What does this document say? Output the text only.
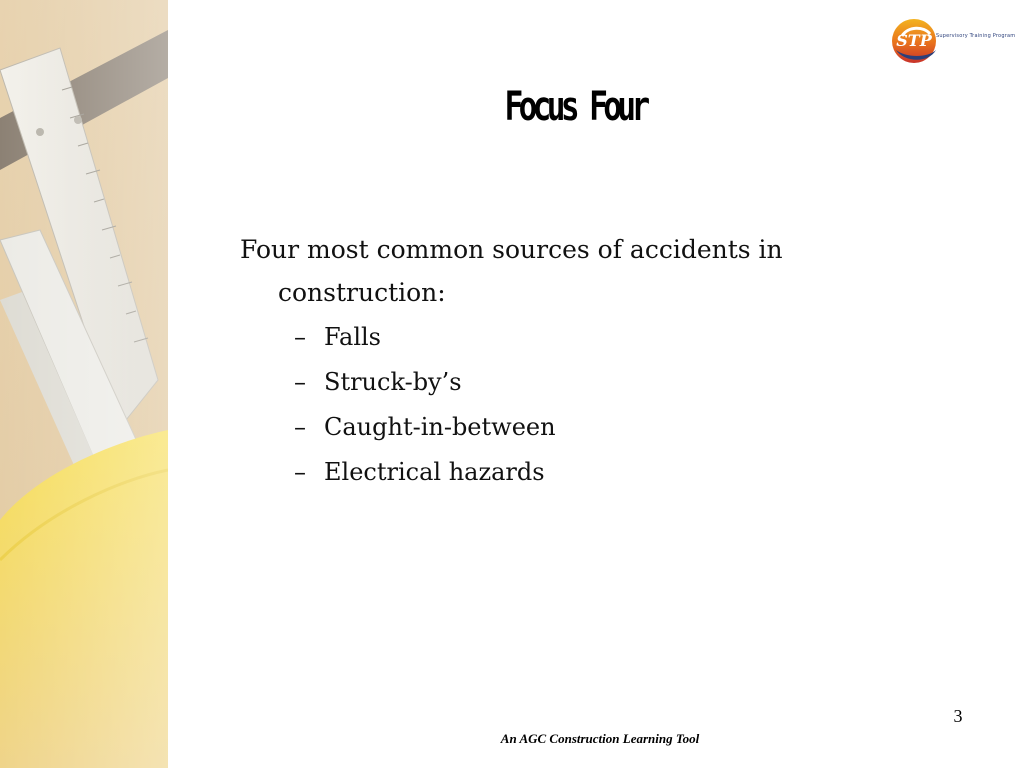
STP Supervisory Training Program
Focus Four

Four most common sources of accidents in construction:

– Falls
– Struck-by’s
– Caught-in-between
– Electrical hazards
3
An AGC Construction Learning Tool
